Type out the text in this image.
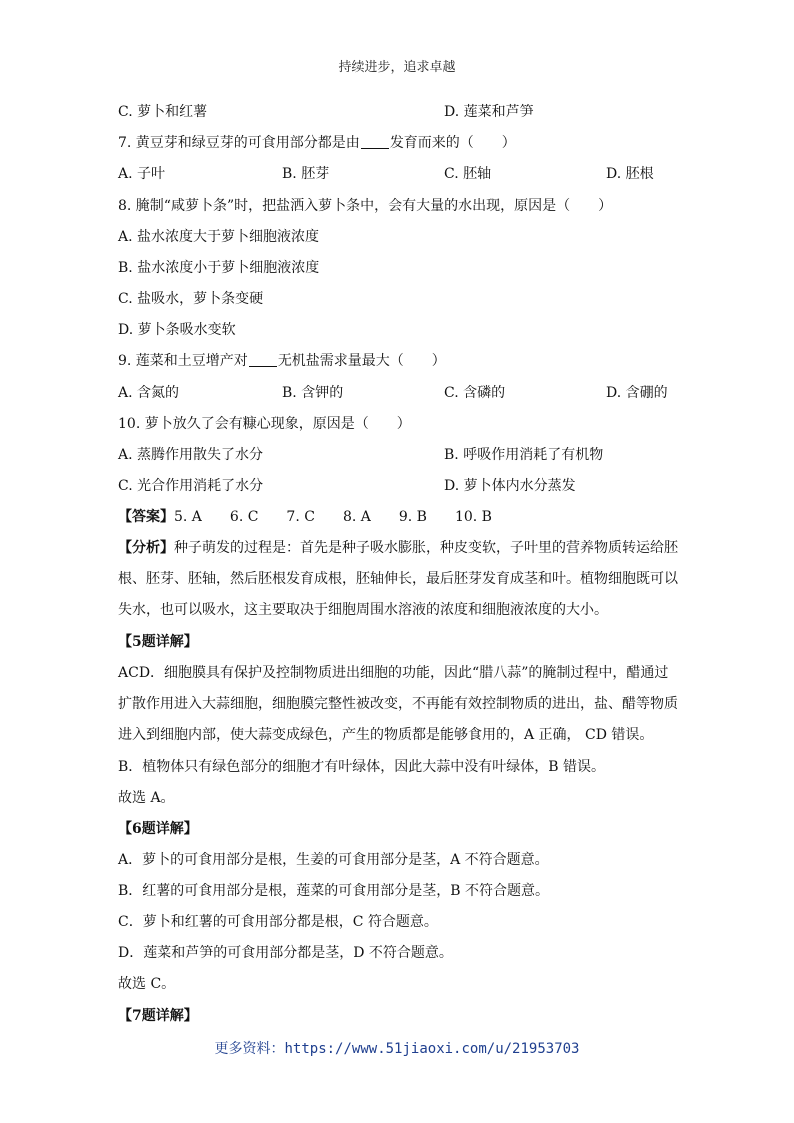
持续进步，追求卓越
C. 萝卜和红薯	D. 莲菜和芦笋
7. 黄豆芽和绿豆芽的可食用部分都是由 发育而来的（　　）
A. 子叶	B. 胚芽	C. 胚轴	D. 胚根
8. 腌制“咸萝卜条”时，把盐洒入萝卜条中，会有大量的水出现，原因是（　　）
A. 盐水浓度大于萝卜细胞液浓度
B. 盐水浓度小于萝卜细胞液浓度
C. 盐吸水，萝卜条变硬
D. 萝卜条吸水变软
9. 莲菜和土豆增产对 无机盐需求量最大（　　）
A. 含氮的	B. 含钾的	C. 含磷的	D. 含硼的
10. 萝卜放久了会有糠心现象，原因是（　　）
A. 蒸腾作用散失了水分	B. 呼吸作用消耗了有机物
C. 光合作用消耗了水分	D. 萝卜体内水分蒸发
【答案】5. A　　6. C　　7. C　　8. A　　9. B　　10. B
【分析】种子萌发的过程是：首先是种子吸水膨胀，种皮变软，子叶里的营养物质转运给胚根、胚芽、胚轴，然后胚根发育成根，胚轴伸长，最后胚芽发育成茎和叶。植物细胞既可以失水，也可以吸水，这主要取决于细胞周围水溶液的浓度和细胞液浓度的大小。
【5题详解】
ACD．细胞膜具有保护及控制物质进出细胞的功能，因此“腊八蒜”的腌制过程中，醋通过扩散作用进入大蒜细胞，细胞膜完整性被改变，不再能有效控制物质的进出，盐、醋等物质进入到细胞内部，使大蒜变成绿色，产生的物质都是能够食用的，A 正确， CD 错误。
B．植物体只有绿色部分的细胞才有叶绿体，因此大蒜中没有叶绿体，B 错误。
故选 A。
【6题详解】
A．萝卜的可食用部分是根，生姜的可食用部分是茎，A 不符合题意。
B．红薯的可食用部分是根，莲菜的可食用部分是茎，B 不符合题意。
C．萝卜和红薯的可食用部分都是根，C 符合题意。
D．莲菜和芦笋的可食用部分都是茎，D 不符合题意。
故选 C。
【7题详解】
更多资料：https://www.51jiaoxi.com/u/21953703
